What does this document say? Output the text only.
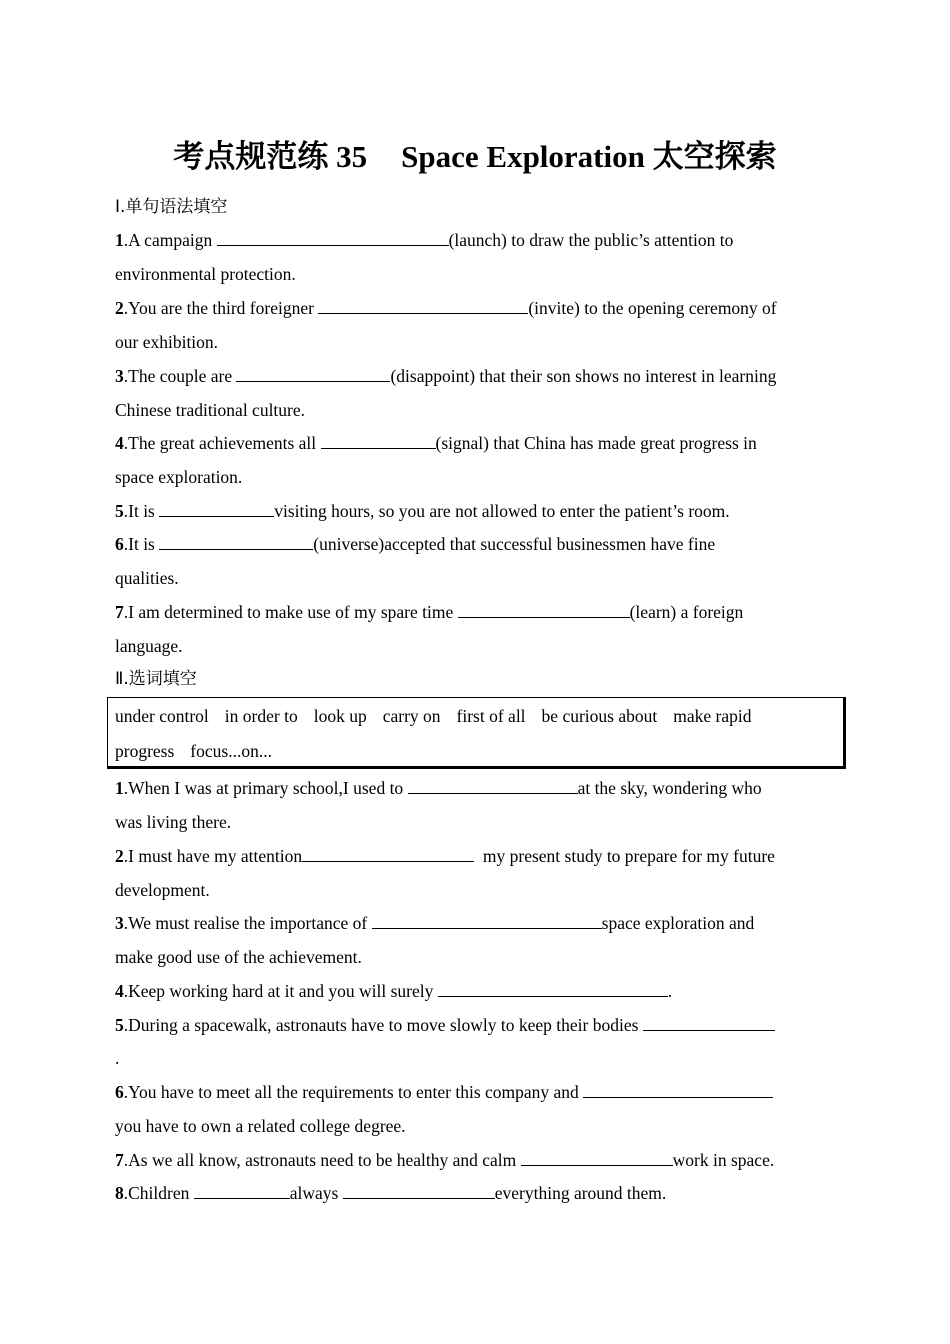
考点规范练 35 Space Exploration 太空探索
Ⅰ.单句语法填空
1.A campaign	(launch) to draw the public’s attention to
environmental protection.
2.You are the third foreigner	(invite) to the opening ceremony of
our exhibition.
3.The couple are	(disappoint) that their son shows no interest in learning
Chinese traditional culture.
4.The great achievements all	(signal) that China has made great progress in
space exploration.
5.It is	visiting hours, so you are not allowed to enter the patient’s room.
6.It is	(universe)accepted that successful businessmen have fine
qualities.
7.I am determined to make use of my spare time	(learn) a foreign
language.
Ⅱ.选词填空
under control in order to look up carry on first of all be curious about make rapid
progress focus...on...
1.When I was at primary school,I used to	at the sky, wondering who
was living there.
2.I must have my attention	my present study to prepare for my future
development.
3.We must realise the importance of	space exploration and
make good use of the achievement.
4.Keep working hard at it and you will surely	.
5.During a spacewalk, astronauts have to move slowly to keep their bodies
.
6.You have to meet all the requirements to enter this company and
you have to own a related college degree.
7.As we all know, astronauts need to be healthy and calm	work in space.
8.Children	always	everything around them.
